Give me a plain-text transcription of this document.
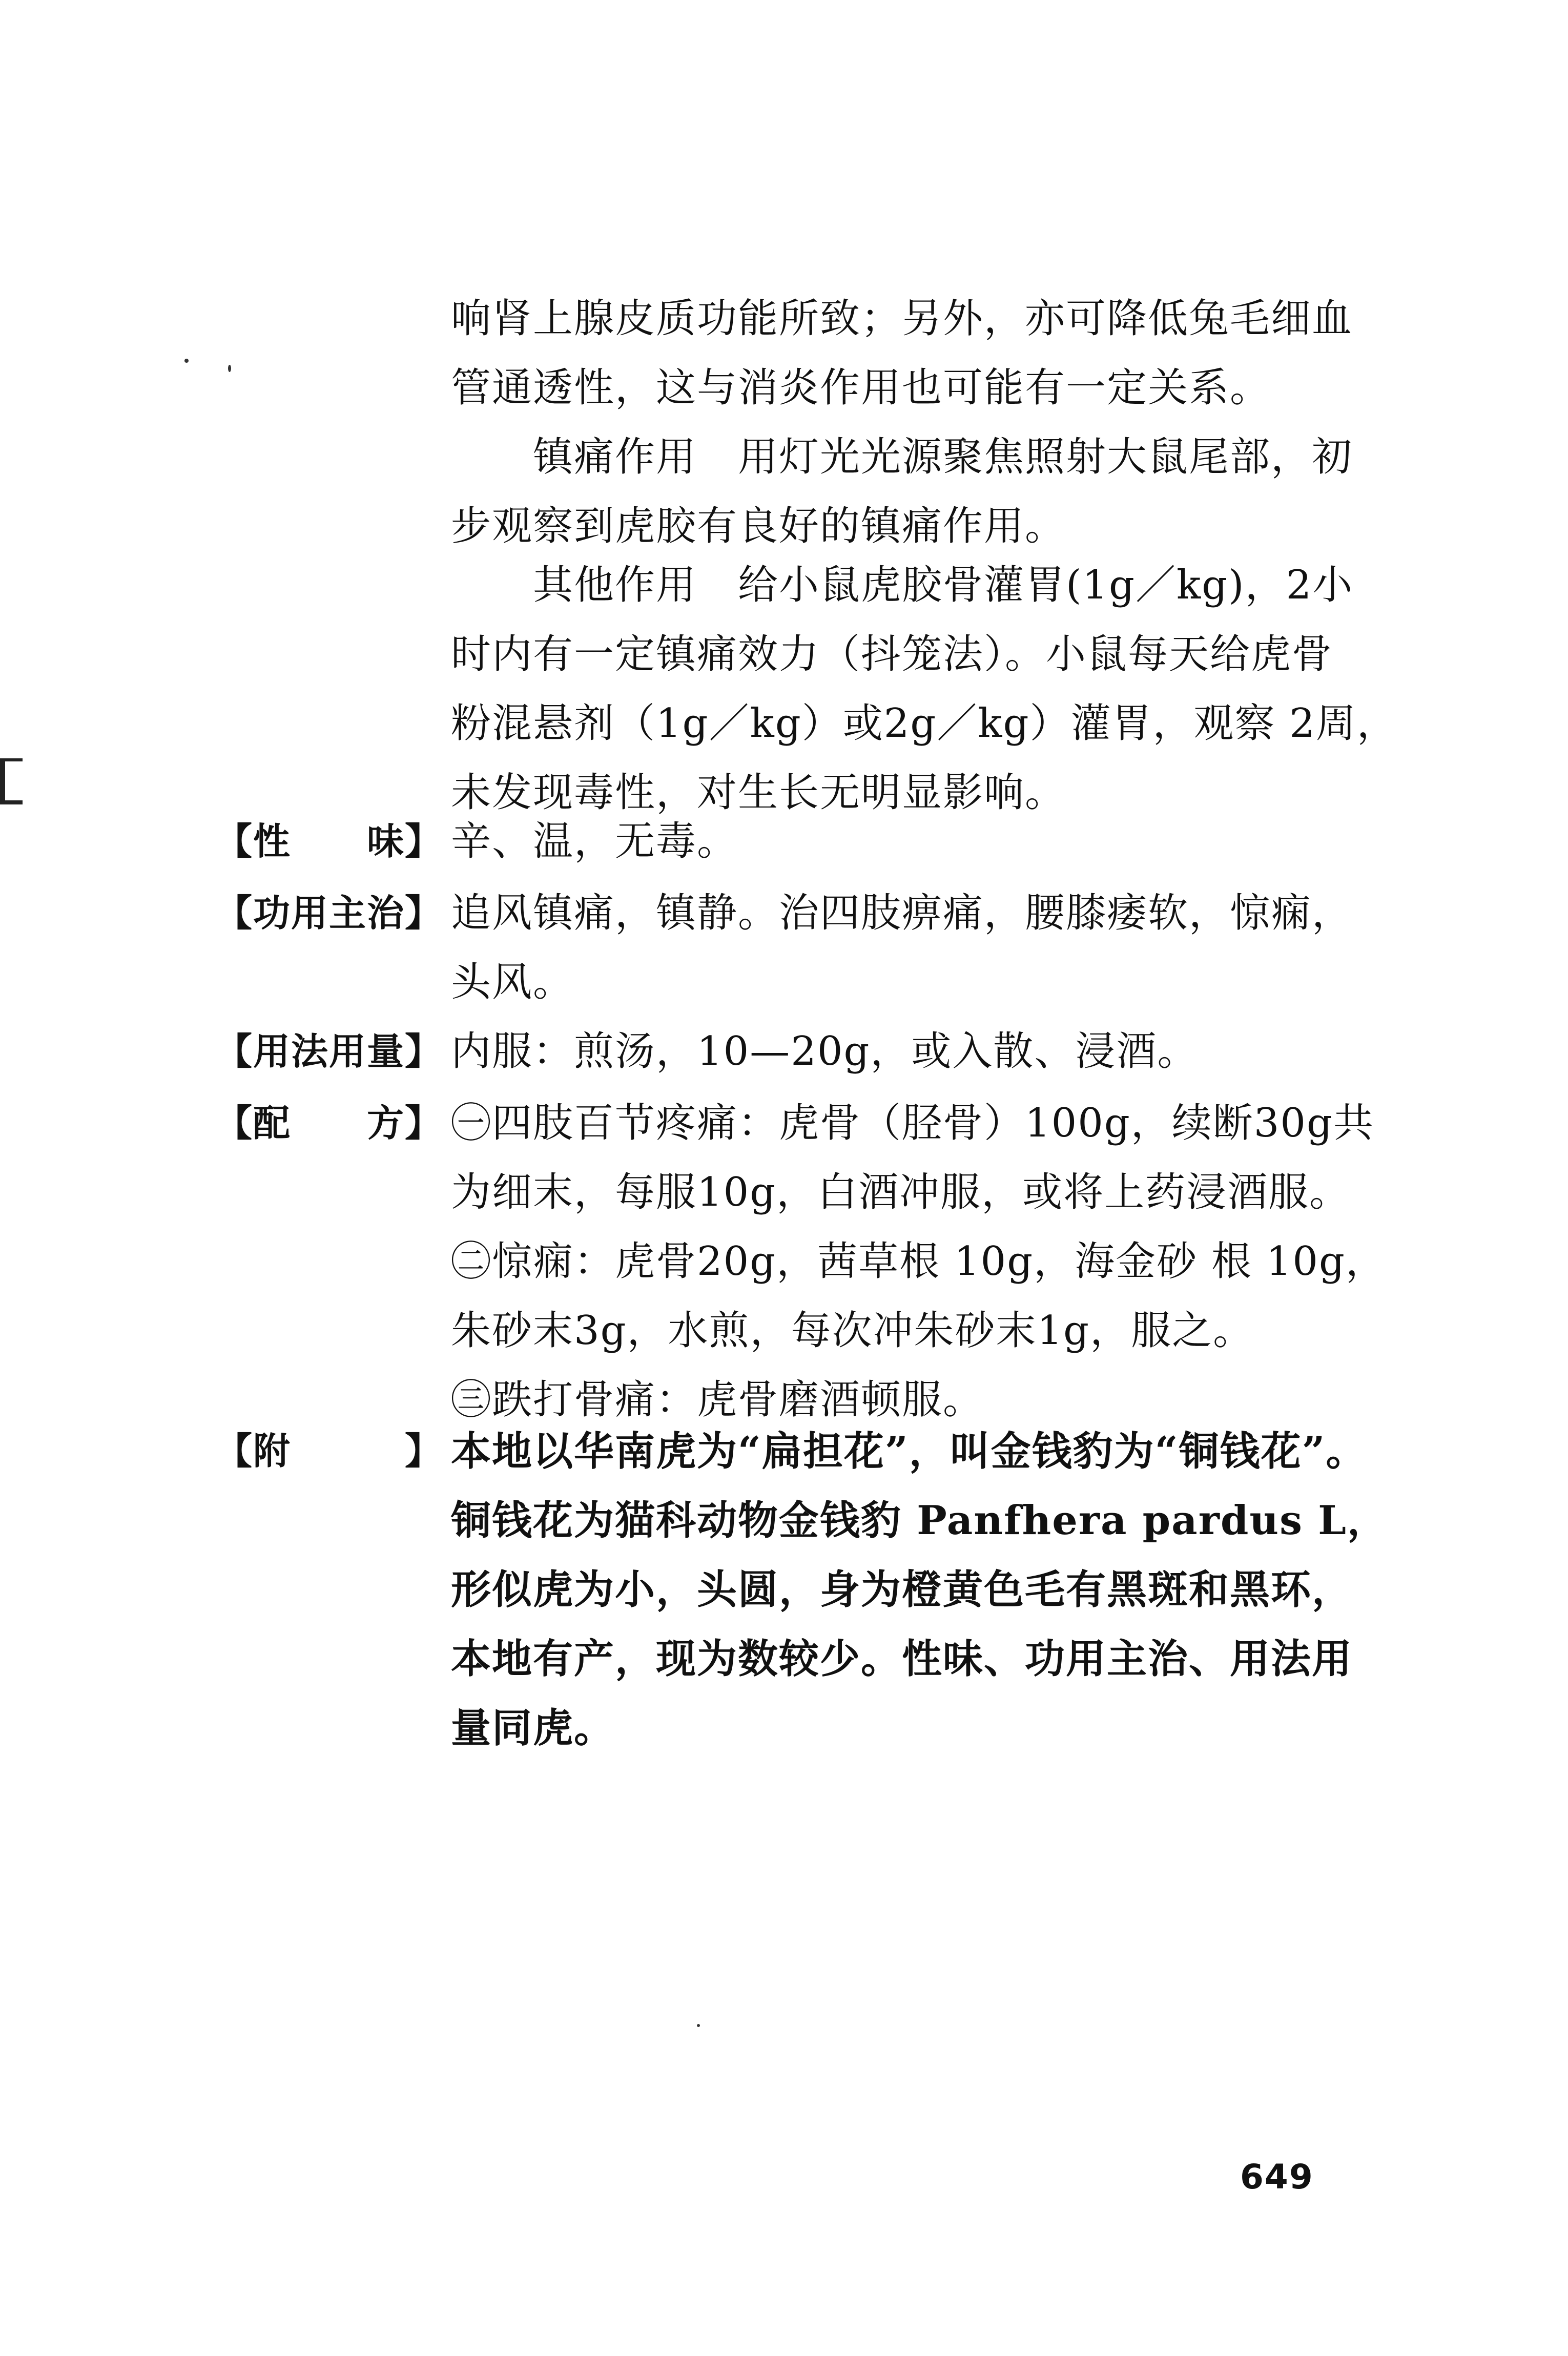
响肾上腺皮质功能所致；另外，亦可降低兔毛细血

管通透性，这与消炎作用也可能有一定关系。

镇痛作用　用灯光光源聚焦照射大鼠尾部，初

步观察到虎胶有良好的镇痛作用。

其他作用　给小鼠虎胶骨灌胃(1g／kg)，2小

时内有一定镇痛效力（抖笼法）。小鼠每天给虎骨

粉混悬剂（1g／kg）或2g／kg）灌胃，观察 2周，

未发现毒性，对生长无明显影响。

【性　　味】 辛、温，无毒。
【功用主治】 追风镇痛，镇静。治四肢痹痛，腰膝痿软，惊痫，
头风。
【用法用量】 内服：煎汤，10—20g，或入散、浸酒。
【配　　方】 ㊀四肢百节疼痛：虎骨（胫骨）100g，续断30g共
为细末，每服10g，白酒冲服，或将上药浸酒服。
㊁惊痫：虎骨20g，茜草根 10g，海金砂 根 10g，
朱砂末3g，水煎，每次冲朱砂末1g，服之。
㊂跌打骨痛：虎骨磨酒顿服。
【附　　　】 本地以华南虎为“扁担花”，叫金钱豹为“铜钱花”。
铜钱花为猫科动物金钱豹 Panfhera pardus L，
形似虎为小，头圆，身为橙黄色毛有黑斑和黑环，
本地有产，现为数较少。性味、功用主治、用法用
量同虎。
649
